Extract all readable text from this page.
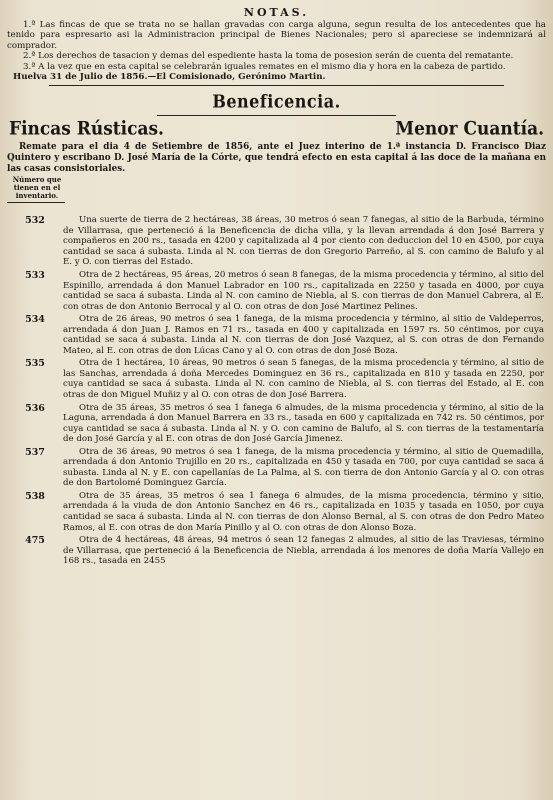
NOTAS.

1.ª Las fincas de que se trata no se hallan gravadas con carga alguna, segun resulta de los antecedentes que ha tenido para espresario asi la Administracion principal de Bienes Nacionales; pero si apareciese se indemnizará al comprador.

2.ª Los derechos de tasacion y demas del espediente hasta la toma de posesion serán de cuenta del rematante.

3.ª A la vez que en esta capital se celebrarán iguales remates en el mismo dia y hora en la cabeza de partido.

Huelva 31 de Julio de 1856.—El Comisionado, Gerónimo Martin.

Beneficencia.
Fincas Rústicas.	Menor Cuantía.

Remate para el dia 4 de Setiembre de 1856, ante el Juez interino de 1.ª instancia D. Francisco Diaz Quintero y escribano D. José María de la Córte, que tendrá efecto en esta capital á las doce de la mañana en las casas consistoriales.

Número que tienen en el inventario.
532	Una suerte de tierra de 2 hectáreas, 38 áreas, 30 metros ó sean 7 fanegas, al sitio de la Barbuda, término de Villarrasa, que perteneció á la Beneficencia de dicha villa, y la llevan arrendada á don José Barrera y compañeros en 200 rs., tasada en 4200 y capitalizada al 4 por ciento con deduccion del 10 en 4500, por cuya cantidad se saca á subasta. Linda al N. con tierras de don Gregorio Parreño, al S. con camino de Balufo y al E. y O. con tierras del Estado.

533	Otra de 2 hectáreas, 95 áreas, 20 metros ó sean 8 fanegas, de la misma procedencia y término, al sitio del Espinillo, arrendada á don Manuel Labrador en 100 rs., capitalizada en 2250 y tasada en 4000, por cuya cantidad se saca á subasta. Linda al N. con camino de Niebla, al S. con tierras de don Manuel Cabrera, al E. con otras de don Antonio Berrocal y al O. con otras de don José Martinez Pelines.

534	Otra de 26 áreas, 90 metros ó sea 1 fanega, de la misma procedencia y término, al sitio de Valdeperros, arrendada á don Juan J. Ramos en 71 rs., tasada en 400 y capitalizada en 1597 rs. 50 céntimos, por cuya cantidad se saca á subasta. Linda al N. con tierras de don José Vazquez, al S. con otras de don Fernando Mateo, al E. con otras de don Lúcas Cano y al O. con otras de don José Boza.

535	Otra de 1 hectárea, 10 áreas, 90 metros ó sean 5 fanegas, de la misma procedencia y término, al sitio de las Sanchas, arrendada á doña Mercedes Dominguez en 36 rs., capitalizada en 810 y tasada en 2250, por cuya cantidad se saca á subasta. Linda al N. con camino de Niebla, al S. con tierras del Estado, al E. con otras de don Miguel Muñiz y al O. con otras de don José Barrera.

536	Otra de 35 áreas, 35 metros ó sea 1 fanega 6 almudes, de la misma procedencia y término, al sitio de la Laguna, arrendada á don Manuel Barrera en 33 rs., tasada en 600 y capitalizada en 742 rs. 50 céntimos, por cuya cantidad se saca á subasta. Linda al N. y O. con camino de Balufo, al S. con tierras de la testamentaría de don José García y al E. con otras de don José García Jimenez.

537	Otra de 36 áreas, 90 metros ó sea 1 fanega, de la misma procedencia y término, al sitio de Quemadilla, arrendada á don Antonio Trujillo en 20 rs., capitalizada en 450 y tasada en 700, por cuya cantidad se saca á subasta. Linda al N. y E. con capellanías de La Palma, al S. con tierra de don Antonio García y al O. con otras de don Bartolomé Dominguez García.

538	Otra de 35 áreas, 35 metros ó sea 1 fanega 6 almudes, de la misma procedencia, término y sitio, arrendada á la viuda de don Antonio Sanchez en 46 rs., capitalizada en 1035 y tasada en 1050, por cuya cantidad se saca á subasta. Linda al N. con tierras de don Alonso Bernal, al S. con otras de don Pedro Mateo Ramos, al E. con otras de don María Pinillo y al O. con otras de don Alonso Boza.

475	Otra de 4 hectáreas, 48 áreas, 94 metros ó sean 12 fanegas 2 almudes, al sitio de las Traviesas, término de Villarrasa, que perteneció á la Beneficencia de Niebla, arrendada á los menores de doña María Vallejo en 168 rs., tasada en 2455
